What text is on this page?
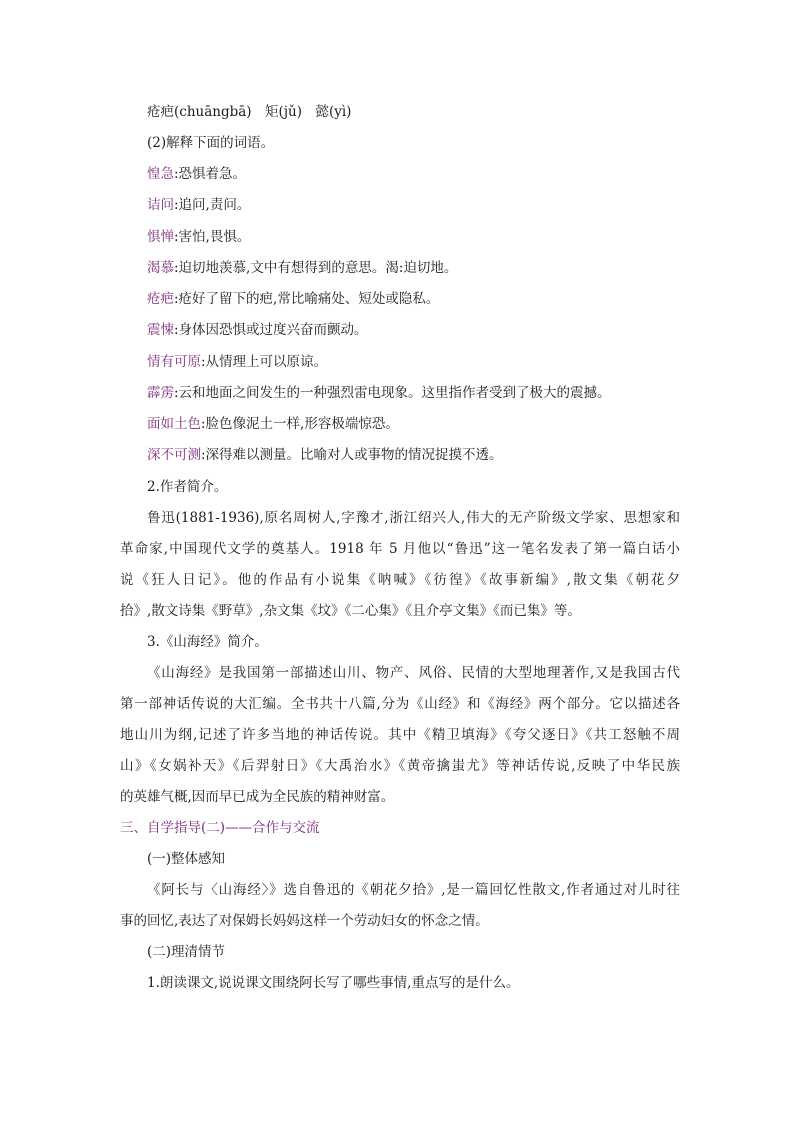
疮疤(chuāngbā)　矩(jǔ)　懿(yì)
(2)解释下面的词语。
惶急:恐惧着急。
诘问:追问,责问。
惧惮:害怕,畏惧。
渴慕:迫切地羡慕,文中有想得到的意思。渴:迫切地。
疮疤:疮好了留下的疤,常比喻痛处、短处或隐私。
震悚:身体因恐惧或过度兴奋而颤动。
情有可原:从情理上可以原谅。
霹雳:云和地面之间发生的一种强烈雷电现象。这里指作者受到了极大的震撼。
面如土色:脸色像泥土一样,形容极端惊恐。
深不可测:深得难以测量。比喻对人或事物的情况捉摸不透。
2.作者简介。
鲁迅(1881-1936),原名周树人,字豫才,浙江绍兴人,伟大的无产阶级文学家、思想家和
革命家,中国现代文学的奠基人。1918 年 5 月他以“鲁迅”这一笔名发表了第一篇白话小
说《狂人日记》。他的作品有小说集《呐喊》《彷徨》《故事新编》,散文集《朝花夕
拾》,散文诗集《野草》,杂文集《坟》《二心集》《且介亭文集》《而已集》等。
3.《山海经》简介。
《山海经》是我国第一部描述山川、物产、风俗、民情的大型地理著作,又是我国古代
第一部神话传说的大汇编。全书共十八篇,分为《山经》和《海经》两个部分。它以描述各
地山川为纲,记述了许多当地的神话传说。其中《精卫填海》《夸父逐日》《共工怒触不周
山》《女娲补天》《后羿射日》《大禹治水》《黄帝擒蚩尤》等神话传说,反映了中华民族
的英雄气概,因而早已成为全民族的精神财富。
三、自学指导(二)——合作与交流
(一)整体感知
《阿长与〈山海经〉》选自鲁迅的《朝花夕拾》,是一篇回忆性散文,作者通过对儿时往
事的回忆,表达了对保姆长妈妈这样一个劳动妇女的怀念之情。
(二)理清情节
1.朗读课文,说说课文围绕阿长写了哪些事情,重点写的是什么。
